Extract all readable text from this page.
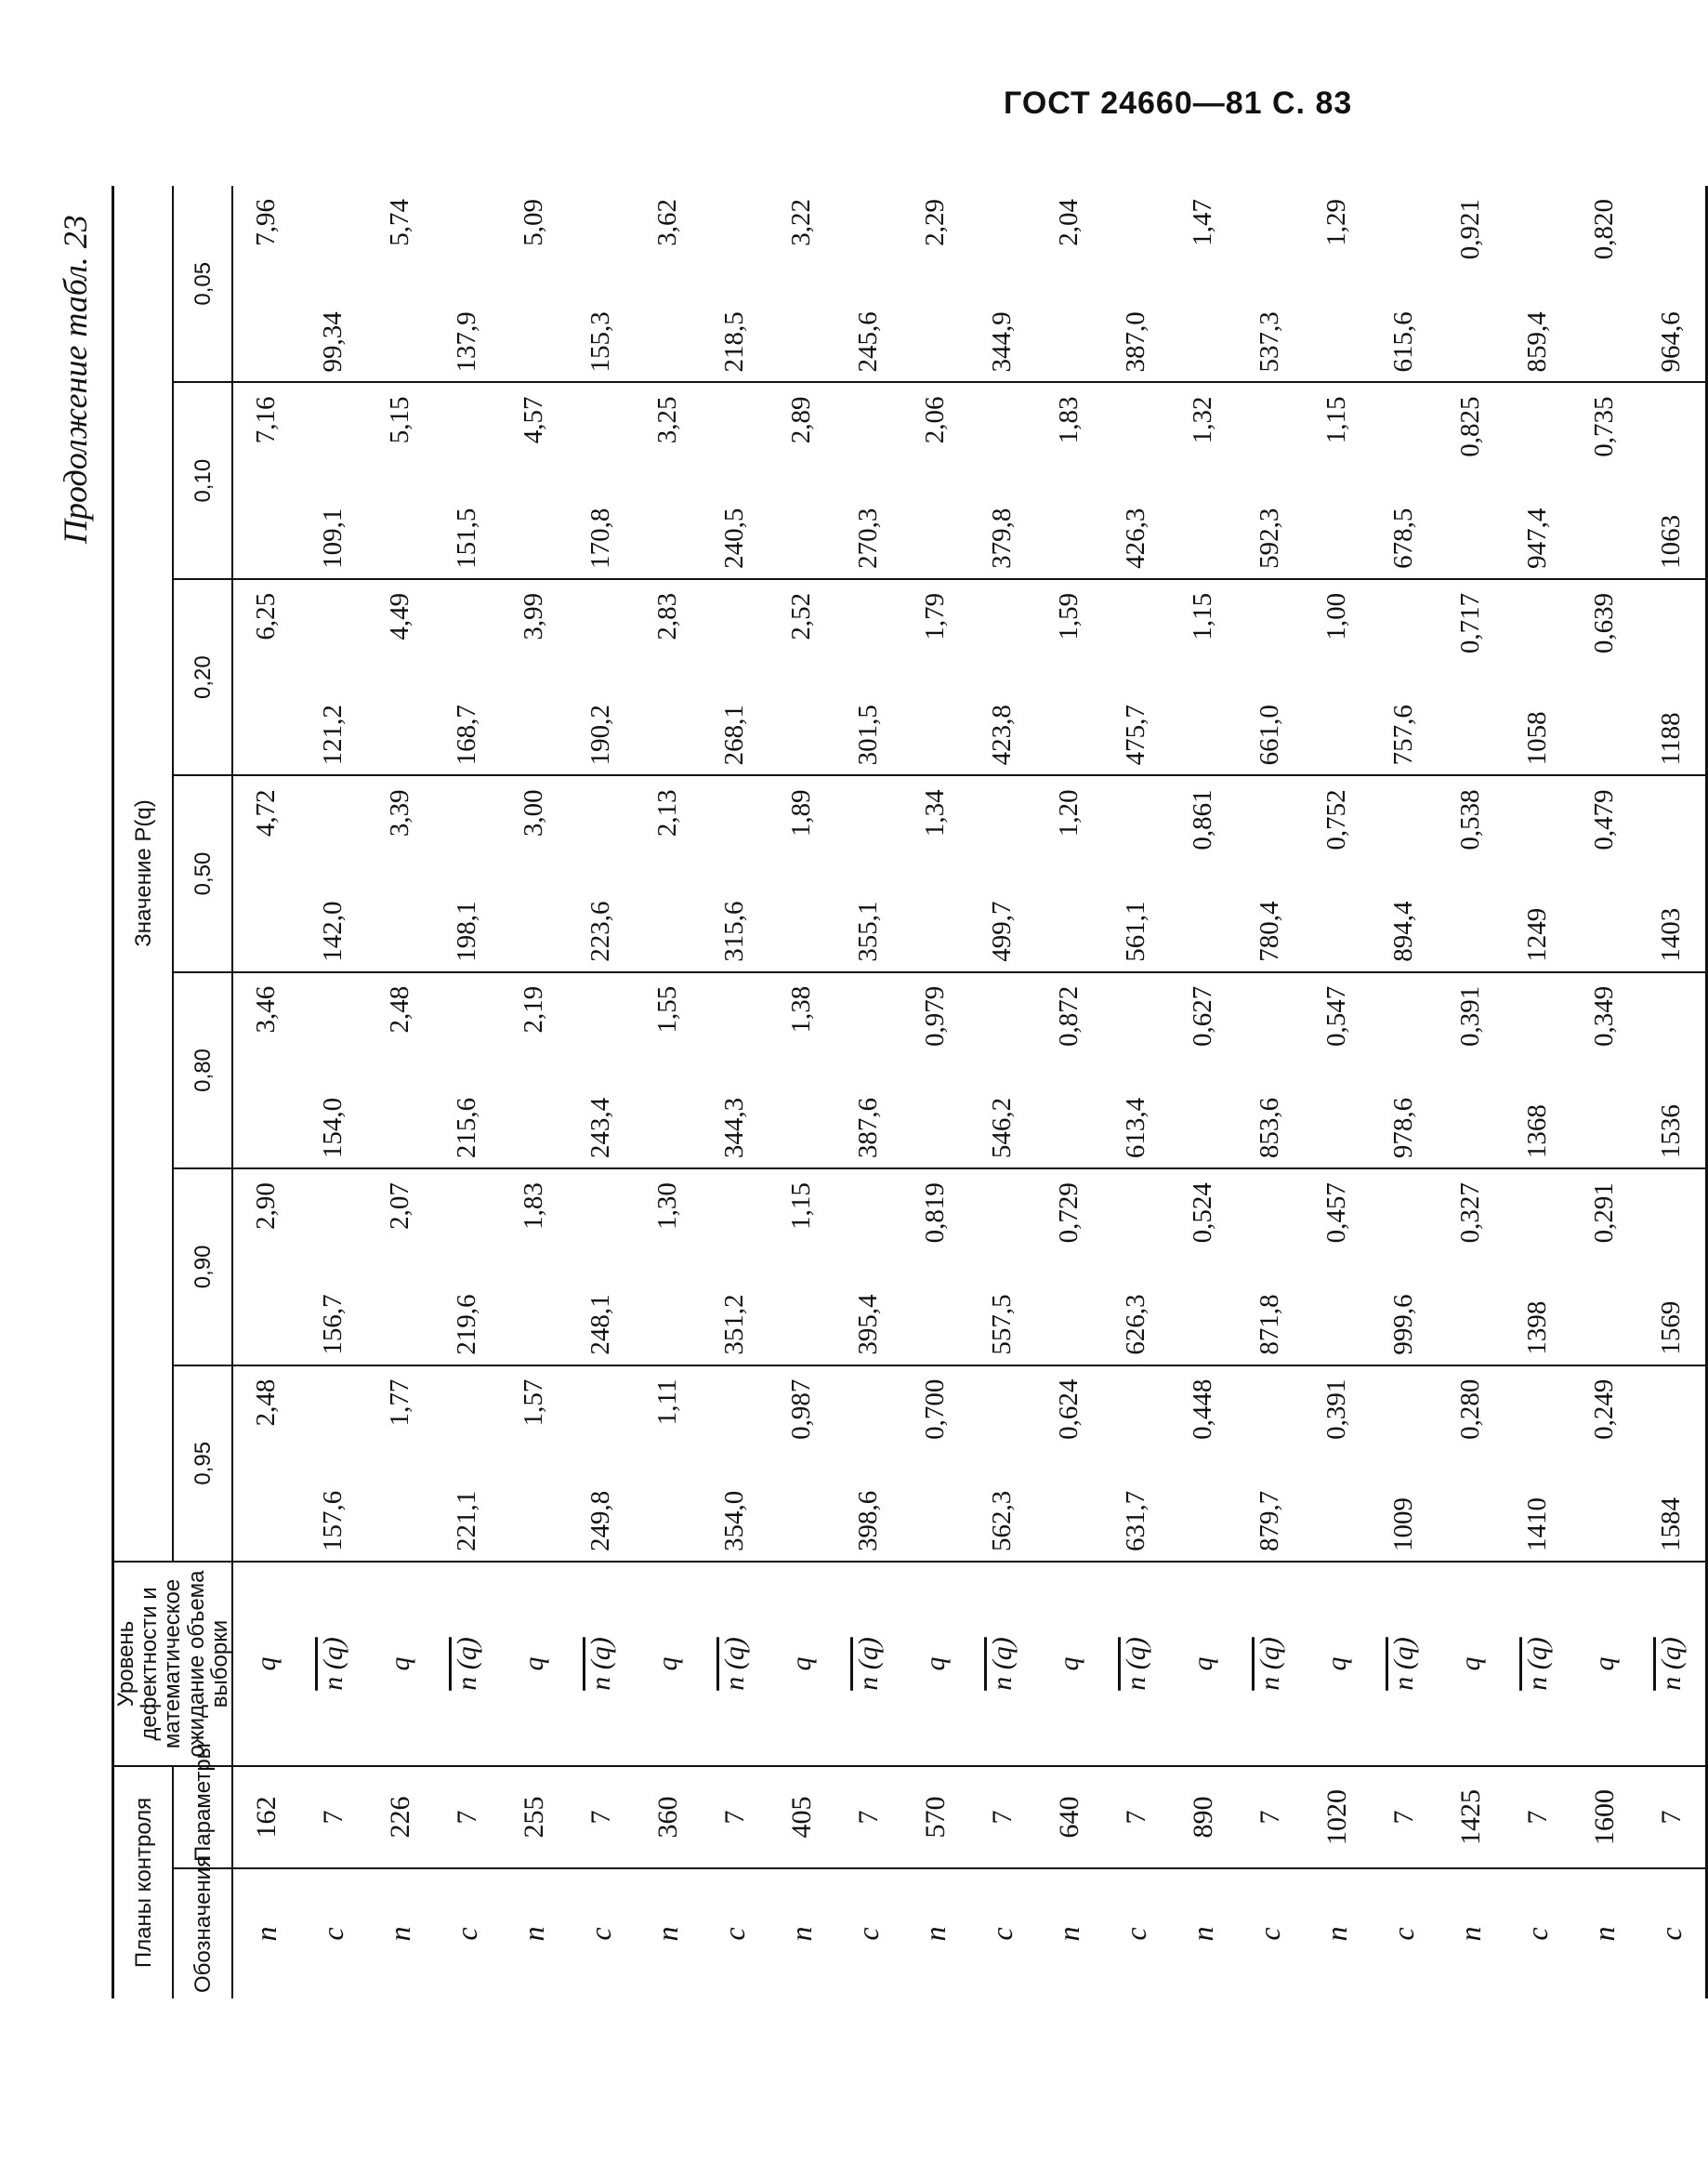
ГОСТ 24660—81 С. 83
Продолжение табл. 23
Планы контроля		Уровень дефектности и математическое ожидание объема выборки	Значение P(q)						
Обозначения	Параметры		0,95	0,90	0,80	0,50	0,20	0,10	0,05
n	162	q	2,48	2,90	3,46	4,72	6,25	7,16	7,96
c	7	n (q)	157,6	156,7	154,0	142,0	121,2	109,1	99,34
n	226	q	1,77	2,07	2,48	3,39	4,49	5,15	5,74
c	7	n (q)	221,1	219,6	215,6	198,1	168,7	151,5	137,9
n	255	q	1,57	1,83	2,19	3,00	3,99	4,57	5,09
c	7	n (q)	249,8	248,1	243,4	223,6	190,2	170,8	155,3
n	360	q	1,11	1,30	1,55	2,13	2,83	3,25	3,62
c	7	n (q)	354,0	351,2	344,3	315,6	268,1	240,5	218,5
n	405	q	0,987	1,15	1,38	1,89	2,52	2,89	3,22
c	7	n (q)	398,6	395,4	387,6	355,1	301,5	270,3	245,6
n	570	q	0,700	0,819	0,979	1,34	1,79	2,06	2,29
c	7	n (q)	562,3	557,5	546,2	499,7	423,8	379,8	344,9
n	640	q	0,624	0,729	0,872	1,20	1,59	1,83	2,04
c	7	n (q)	631,7	626,3	613,4	561,1	475,7	426,3	387,0
n	890	q	0,448	0,524	0,627	0,861	1,15	1,32	1,47
c	7	n (q)	879,7	871,8	853,6	780,4	661,0	592,3	537,3
n	1020	q	0,391	0,457	0,547	0,752	1,00	1,15	1,29
c	7	n (q)	1009	999,6	978,6	894,4	757,6	678,5	615,6
n	1425	q	0,280	0,327	0,391	0,538	0,717	0,825	0,921
c	7	n (q)	1410	1398	1368	1249	1058	947,4	859,4
n	1600	q	0,249	0,291	0,349	0,479	0,639	0,735	0,820
c	7	n (q)	1584	1569	1536	1403	1188	1063	964,6
